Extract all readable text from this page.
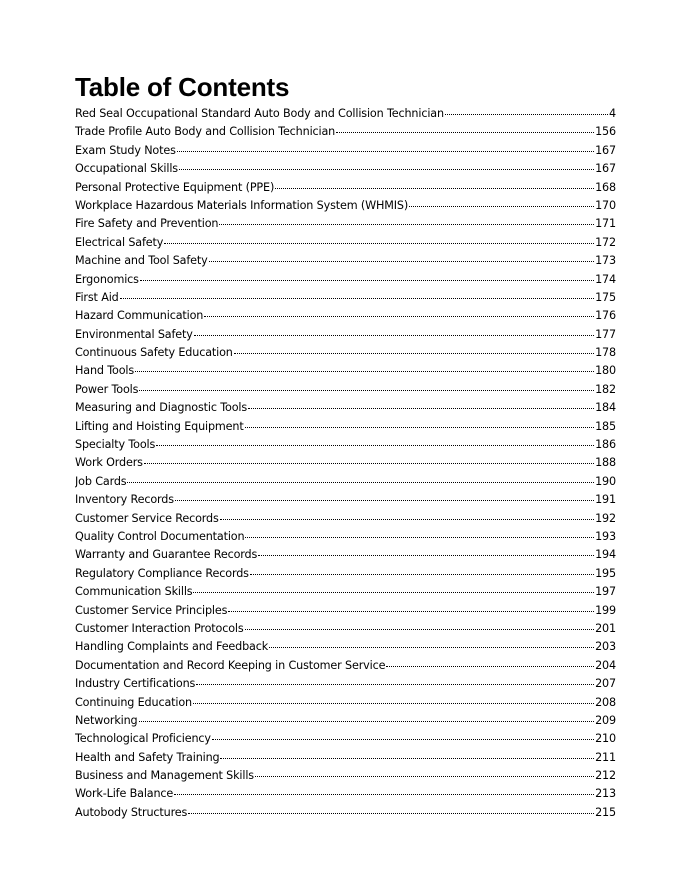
Table of Contents
Red Seal Occupational Standard Auto Body and Collision Technician	4
Trade Profile Auto Body and Collision Technician	156
Exam Study Notes	167
Occupational Skills	167
Personal Protective Equipment (PPE)	168
Workplace Hazardous Materials Information System (WHMIS)	170
Fire Safety and Prevention	171
Electrical Safety	172
Machine and Tool Safety	173
Ergonomics	174
First Aid	175
Hazard Communication	176
Environmental Safety	177
Continuous Safety Education	178
Hand Tools	180
Power Tools	182
Measuring and Diagnostic Tools	184
Lifting and Hoisting Equipment	185
Specialty Tools	186
Work Orders	188
Job Cards	190
Inventory Records	191
Customer Service Records	192
Quality Control Documentation	193
Warranty and Guarantee Records	194
Regulatory Compliance Records	195
Communication Skills	197
Customer Service Principles	199
Customer Interaction Protocols	201
Handling Complaints and Feedback	203
Documentation and Record Keeping in Customer Service	204
Industry Certifications	207
Continuing Education	208
Networking	209
Technological Proficiency	210
Health and Safety Training	211
Business and Management Skills	212
Work-Life Balance	213
Autobody Structures	215
